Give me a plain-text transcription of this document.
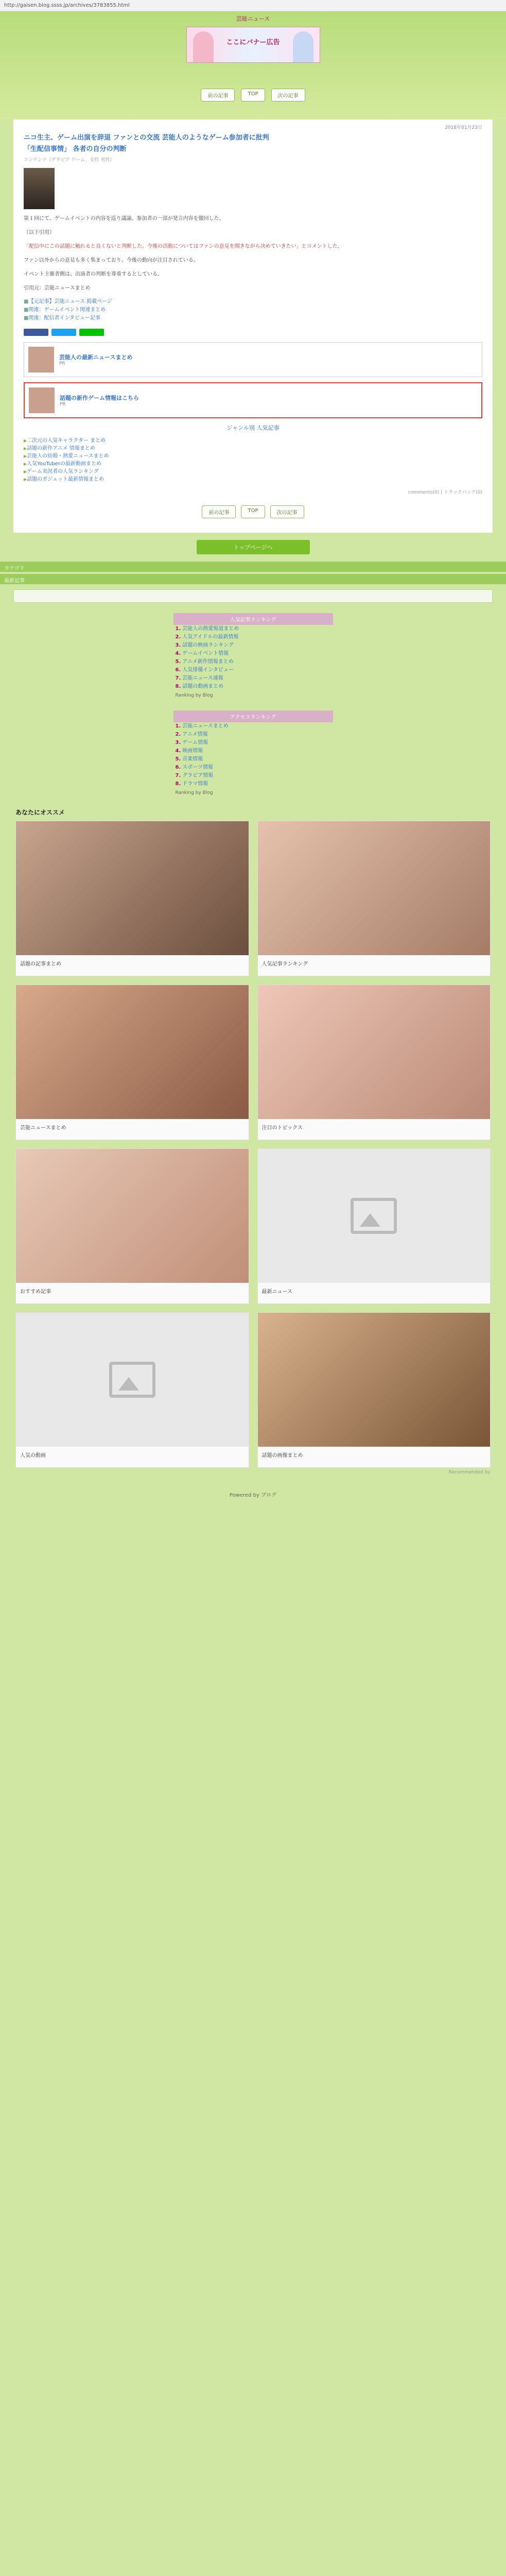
http://gaisen.blog.ssss.jp/archives/3783855.html
芸能ニュース
ここにバナー広告
前の記事	TOP	次の記事
2018年01月23日
ニコ生主、ゲーム出演を辞退 ファンとの交流 芸能人のようなゲーム参加者に批判
「生配信事情」 各者の自分の判断
コンテンツ（グラビア ゲーム、女性 男性）

第１回にて、ゲームイベントの内容を巡り議論。参加者の一部が発言内容を撤回した。

（以下引用）

「配信中にこの話題に触れると良くないと判断した。今後の活動についてはファンの意見を聞きながら決めていきたい」とコメントした。

ファン以外からの意見も多く集まっており、今後の動向が注目されている。

イベント主催者側は、出演者の判断を尊重するとしている。

引用元：芸能ニュースまとめ

■ 【元記事】芸能ニュース 掲載ページ
■ 関連：ゲームイベント関連まとめ
■ 関連：配信者インタビュー記事
芸能人の最新ニュースまとめ
PR
話題の新作ゲーム情報はこちら
PR
ジャンル別 人気記事
▶ 二次元の人気キャラクター まとめ
▶ 話題の新作アニメ 情報まとめ
▶ 芸能人の結婚・熱愛ニュースまとめ
▶ 人気YouTuberの最新動画まとめ
▶ ゲーム実況者の人気ランキング
▶ 話題のガジェット最新情報まとめ
comments(0) | トラックバック(0)
前の記事	TOP	次の記事
トップページへ
カテゴリ
最新記事
人気記事ランキング
1. 芸能人の熱愛報道まとめ
2. 人気アイドルの最新情報
3. 話題の映画ランキング
4. ゲームイベント情報
5. アニメ新作情報まとめ
6. 人気俳優インタビュー
7. 芸能ニュース速報
8. 話題の動画まとめ
Ranking by Blog
アクセスランキング
1. 芸能ニュースまとめ
2. アニメ情報
3. ゲーム情報
4. 映画情報
5. 音楽情報
6. スポーツ情報
7. グラビア情報
8. ドラマ情報
Ranking by Blog
あなたにオススメ
話題の記事まとめ	人気記事ランキング
芸能ニュースまとめ	注目のトピックス
おすすめ記事	最新ニュース
人気の動画	話題の画像まとめ
Recommended by
Powered by ブログ
